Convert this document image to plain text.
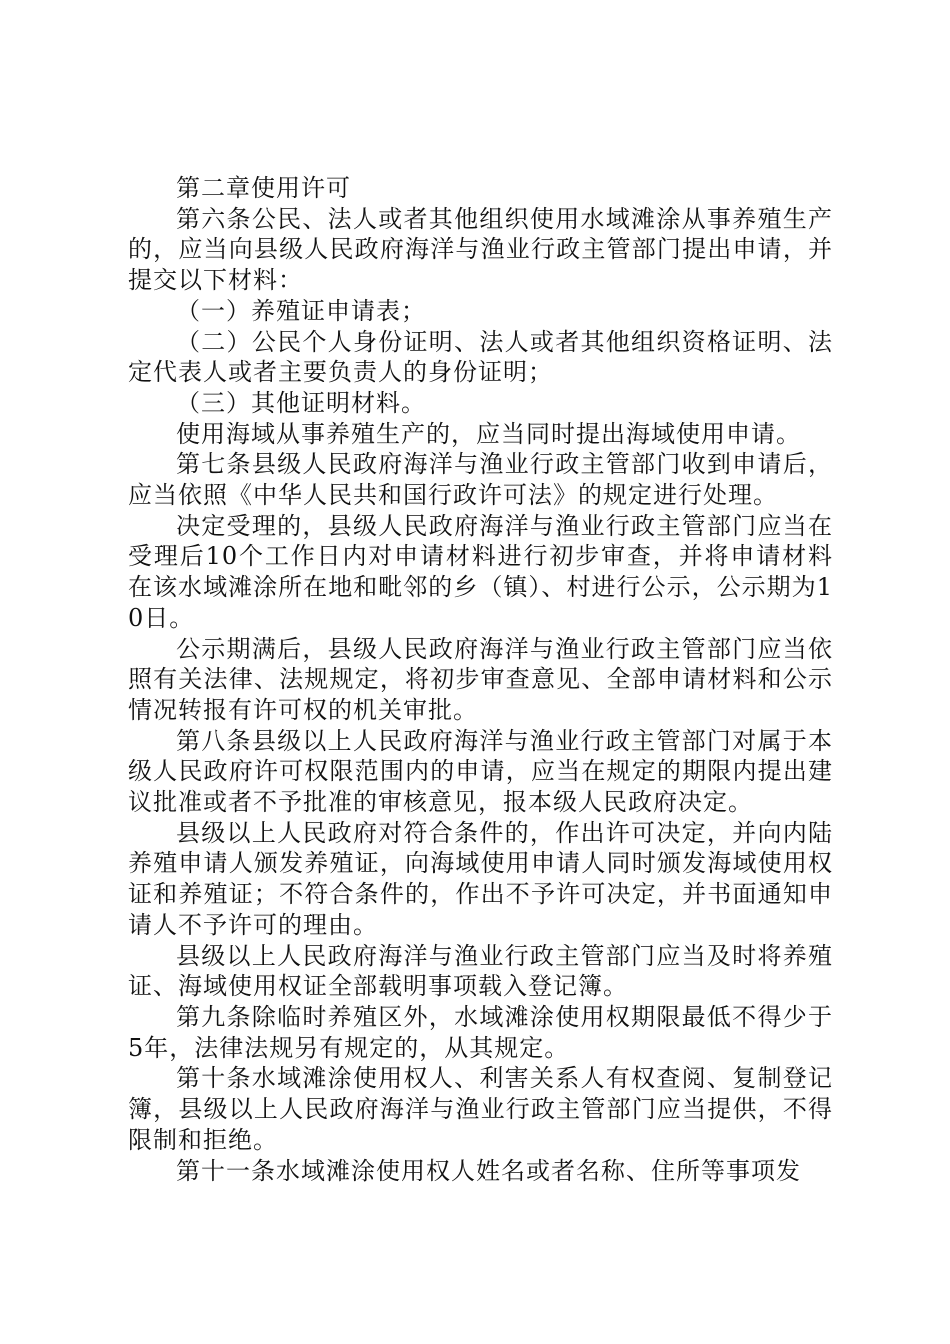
第二章使用许可

第六条公民、法人或者其他组织使用水域滩涂从事养殖生产的，应当向县级人民政府海洋与渔业行政主管部门提出申请，并提交以下材料：

（一）养殖证申请表；

（二）公民个人身份证明、法人或者其他组织资格证明、法定代表人或者主要负责人的身份证明；

（三）其他证明材料。

使用海域从事养殖生产的，应当同时提出海域使用申请。

第七条县级人民政府海洋与渔业行政主管部门收到申请后，应当依照《中华人民共和国行政许可法》的规定进行处理。

决定受理的，县级人民政府海洋与渔业行政主管部门应当在受理后10个工作日内对申请材料进行初步审查，并将申请材料在该水域滩涂所在地和毗邻的乡（镇）、村进行公示，公示期为10日。

公示期满后，县级人民政府海洋与渔业行政主管部门应当依照有关法律、法规规定，将初步审查意见、全部申请材料和公示情况转报有许可权的机关审批。

第八条县级以上人民政府海洋与渔业行政主管部门对属于本级人民政府许可权限范围内的申请，应当在规定的期限内提出建议批准或者不予批准的审核意见，报本级人民政府决定。

县级以上人民政府对符合条件的，作出许可决定，并向内陆养殖申请人颁发养殖证，向海域使用申请人同时颁发海域使用权证和养殖证；不符合条件的，作出不予许可决定，并书面通知申请人不予许可的理由。

县级以上人民政府海洋与渔业行政主管部门应当及时将养殖证、海域使用权证全部载明事项载入登记簿。

第九条除临时养殖区外，水域滩涂使用权期限最低不得少于5年，法律法规另有规定的，从其规定。

第十条水域滩涂使用权人、利害关系人有权查阅、复制登记簿，县级以上人民政府海洋与渔业行政主管部门应当提供，不得限制和拒绝。

第十一条水域滩涂使用权人姓名或者名称、住所等事项发
